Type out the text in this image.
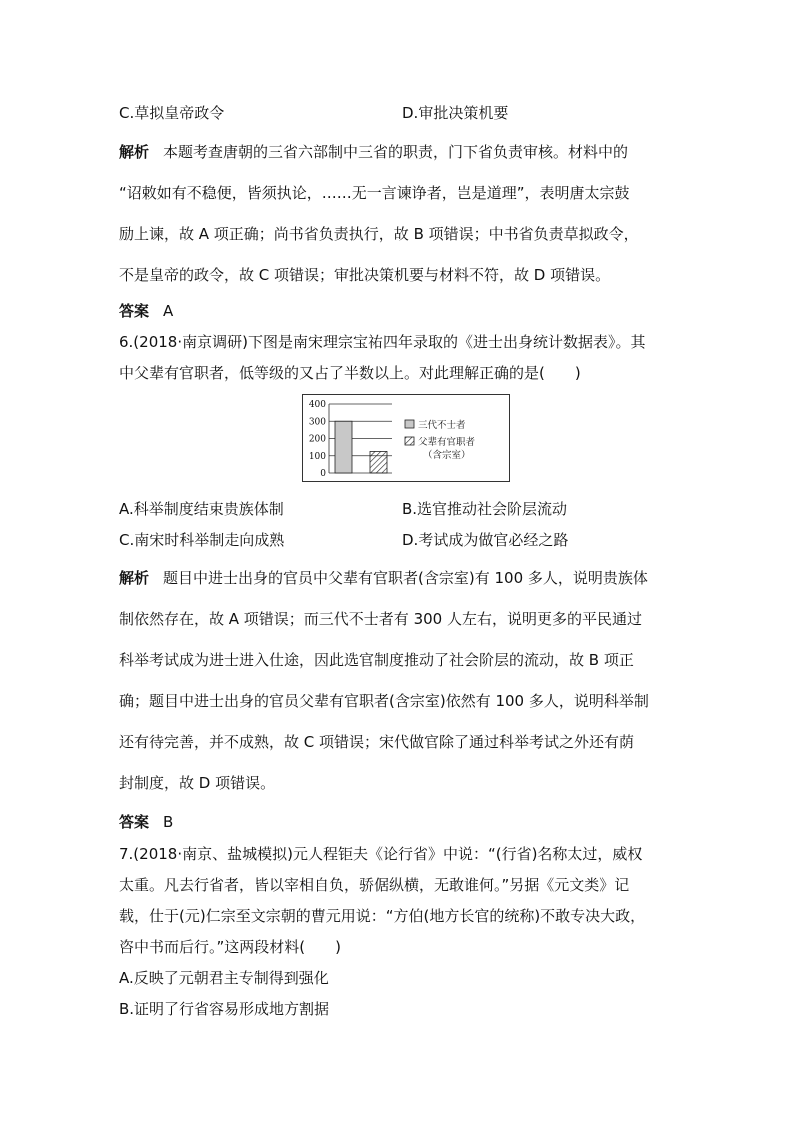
C.草拟皇帝政令	D.审批决策机要
解析 本题考查唐朝的三省六部制中三省的职责，门下省负责审核。材料中的
“诏敕如有不稳便，皆须执论，……无一言谏诤者，岂是道理”，表明唐太宗鼓
励上谏，故 A 项正确；尚书省负责执行，故 B 项错误；中书省负责草拟政令，
不是皇帝的政令，故 C 项错误；审批决策机要与材料不符，故 D 项错误。
答案 A
6.(2018·南京调研)下图是南宋理宗宝祐四年录取的《进士出身统计数据表》。其
中父辈有官职者，低等级的又占了半数以上。对此理解正确的是(　　)
0
100
200
300
400
三代不士者
父辈有官职者
（含宗室）
A.科举制度结束贵族体制	B.选官推动社会阶层流动
C.南宋时科举制走向成熟	D.考试成为做官必经之路
解析 题目中进士出身的官员中父辈有官职者(含宗室)有 100 多人，说明贵族体
制依然存在，故 A 项错误；而三代不士者有 300 人左右，说明更多的平民通过
科举考试成为进士进入仕途，因此选官制度推动了社会阶层的流动，故 B 项正
确；题目中进士出身的官员父辈有官职者(含宗室)依然有 100 多人，说明科举制
还有待完善，并不成熟，故 C 项错误；宋代做官除了通过科举考试之外还有荫
封制度，故 D 项错误。
答案 B
7.(2018·南京、盐城模拟)元人程钜夫《论行省》中说：“(行省)名称太过，威权
太重。凡去行省者，皆以宰相自负，骄倨纵横，无敢谁何。”另据《元文类》记
载，仕于(元)仁宗至文宗朝的曹元用说：“方伯(地方长官的统称)不敢专决大政，
咨中书而后行。”这两段材料(　　)
A.反映了元朝君主专制得到强化
B.证明了行省容易形成地方割据
